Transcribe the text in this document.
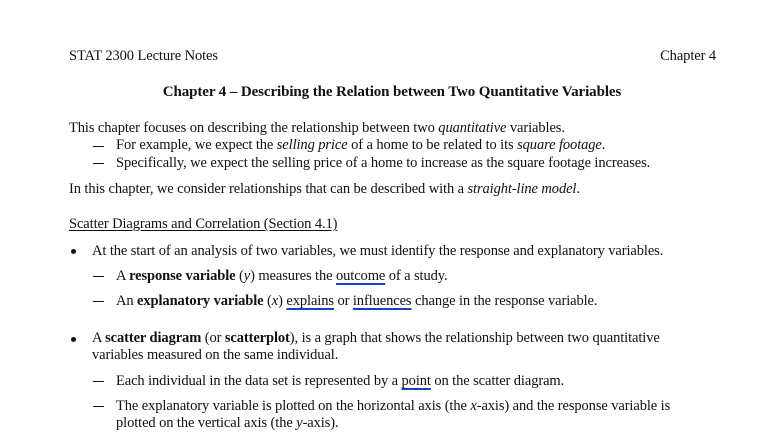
STAT 2300 Lecture Notes	Chapter 4
Chapter 4 – Describing the Relation between Two Quantitative Variables
This chapter focuses on describing the relationship between two quantitative variables.
For example, we expect the selling price of a home to be related to its square footage.
Specifically, we expect the selling price of a home to increase as the square footage increases.
In this chapter, we consider relationships that can be described with a straight-line model.
Scatter Diagrams and Correlation (Section 4.1)
At the start of an analysis of two variables, we must identify the response and explanatory variables.
A response variable (y) measures the outcome of a study.
An explanatory variable (x) explains or influences change in the response variable.
A scatter diagram (or scatterplot), is a graph that shows the relationship between two quantitative
variables measured on the same individual.
Each individual in the data set is represented by a point on the scatter diagram.
The explanatory variable is plotted on the horizontal axis (the x-axis) and the response variable is
plotted on the vertical axis (the y-axis).
